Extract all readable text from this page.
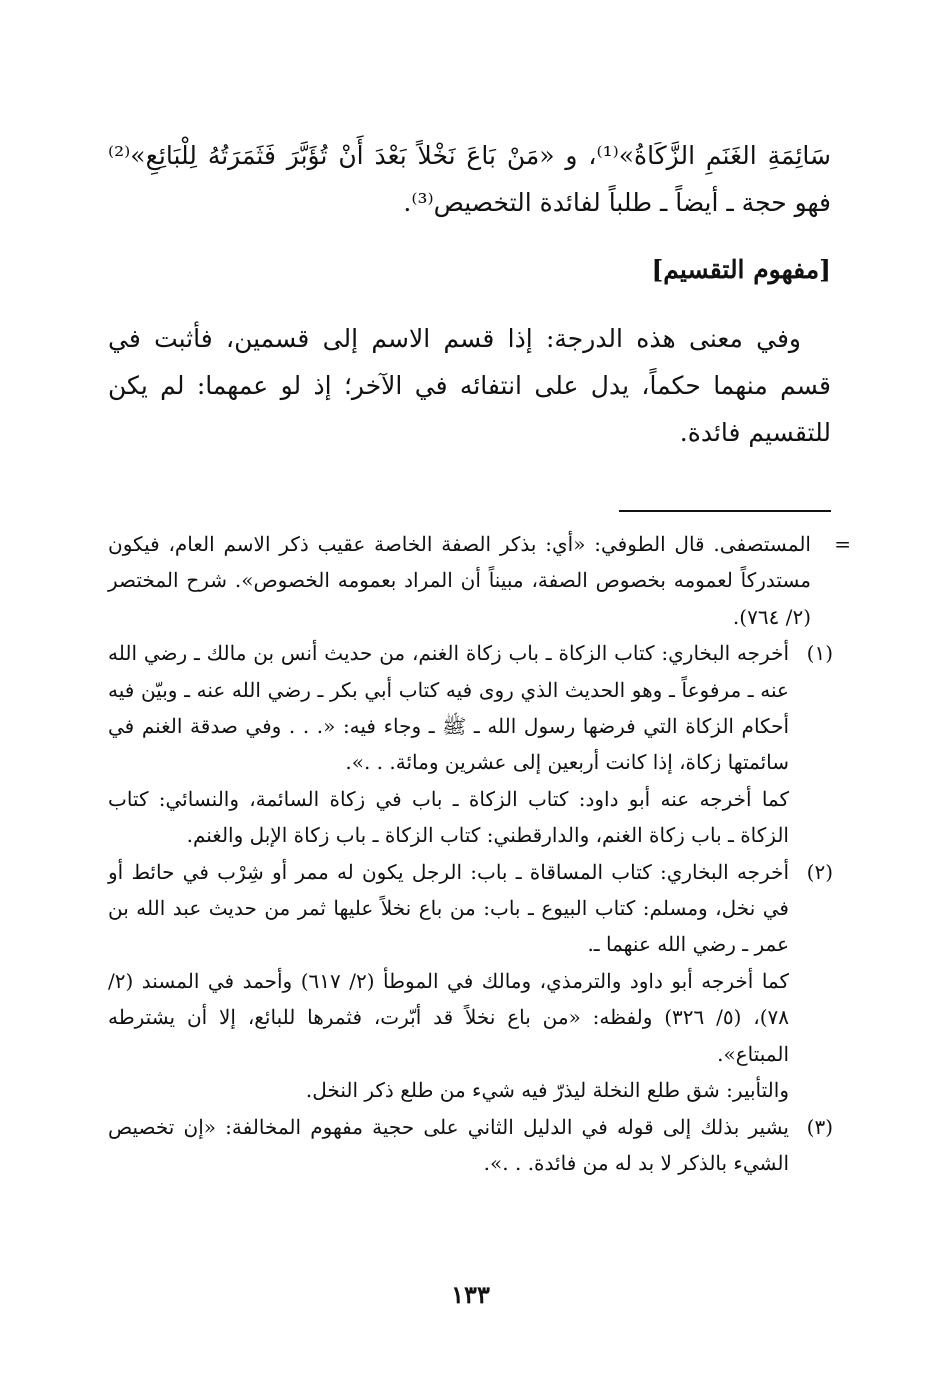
سَائِمَةِ الغَنَمِ الزَّكَاةُ»⁽¹⁾، و «مَنْ بَاعَ نَخْلاً بَعْدَ أَنْ تُؤَبَّرَ فَثَمَرَتُهُ لِلْبَائِعِ»⁽²⁾ فهو حجة ـ أيضاً ـ طلباً لفائدة التخصيص⁽³⁾.

[مفهوم التقسيم]

وفي معنى هذه الدرجة: إذا قسم الاسم إلى قسمين، فأثبت في قسم منهما حكماً، يدل على انتفائه في الآخر؛ إذ لو عمهما: لم يكن للتقسيم فائدة.

=
المستصفى. قال الطوفي: «أي: بذكر الصفة الخاصة عقيب ذكر الاسم العام، فيكون مستدركاً لعمومه بخصوص الصفة، مبيناً أن المراد بعمومه الخصوص». شرح المختصر (٢/ ٧٦٤).
(١)
أخرجه البخاري: كتاب الزكاة ـ باب زكاة الغنم، من حديث أنس بن مالك ـ رضي الله عنه ـ مرفوعاً ـ وهو الحديث الذي روى فيه كتاب أبي بكر ـ رضي الله عنه ـ وبيّن فيه أحكام الزكاة التي فرضها رسول الله ـ ﷺ ـ وجاء فيه: «. . . وفي صدقة الغنم في سائمتها زكاة، إذا كانت أربعين إلى عشرين ومائة. . .».
كما أخرجه عنه أبو داود: كتاب الزكاة ـ باب في زكاة السائمة، والنسائي: كتاب الزكاة ـ باب زكاة الغنم، والدارقطني: كتاب الزكاة ـ باب زكاة الإبل والغنم.
(٢)
أخرجه البخاري: كتاب المساقاة ـ باب: الرجل يكون له ممر أو شِرْب في حائط أو في نخل، ومسلم: كتاب البيوع ـ باب: من باع نخلاً عليها ثمر من حديث عبد الله بن عمر ـ رضي الله عنهما ـ.
كما أخرجه أبو داود والترمذي، ومالك في الموطأ (٢/ ٦١٧) وأحمد في المسند (٢/ ٧٨)، (٥/ ٣٢٦) ولفظه: «من باع نخلاً قد أبّرت، فثمرها للبائع، إلا أن يشترطه المبتاع».
والتأبير: شق طلع النخلة ليذرّ فيه شيء من طلع ذكر النخل.
(٣)
يشير بذلك إلى قوله في الدليل الثاني على حجية مفهوم المخالفة: «إن تخصيص الشيء بالذكر لا بد له من فائدة. . .».
١٣٣
